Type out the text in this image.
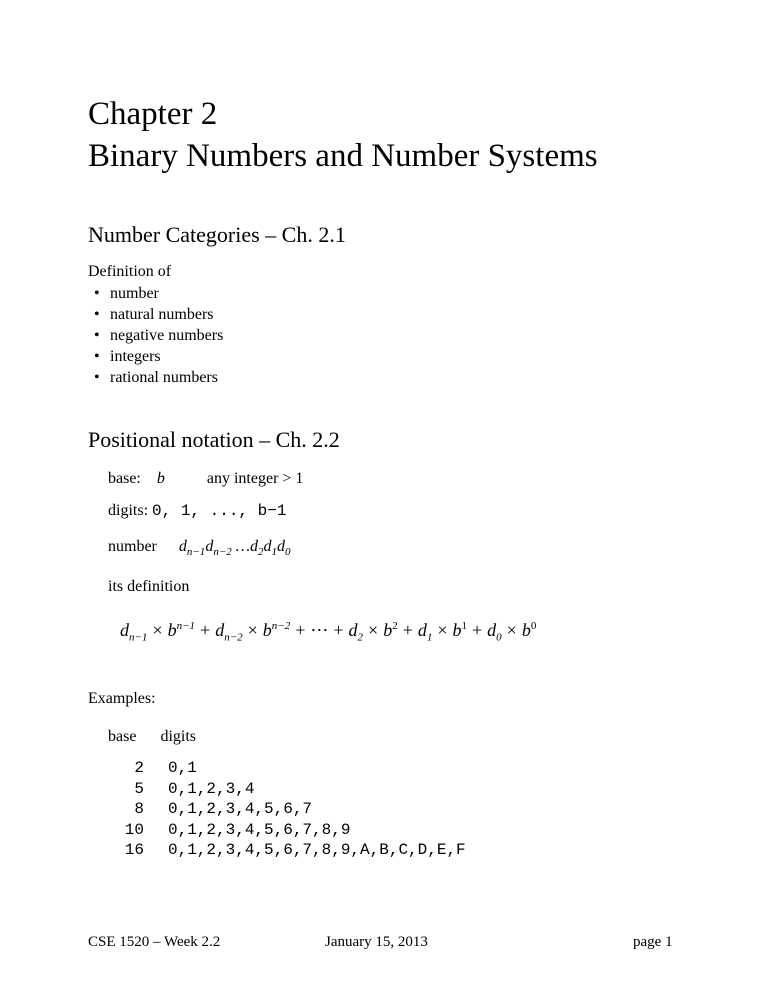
Chapter 2
Binary Numbers and Number Systems
Number Categories – Ch. 2.1
Definition of
• number
• natural numbers
• negative numbers
• integers
• rational numbers
Positional notation – Ch. 2.2
base: b	any integer > 1
digits: 0, 1, ..., b−1
number $d_{n-1}d_{n-2}$ $\dots d_2d_1d_0$
its definition
$d_{n-1} \times b^{n-1} + d_{n-2} \times b^{n-2}$ + ⋯ + $d_2 \times b^2 + d_1 \times b^1 + d_0 \times b^0$
Examples:
base		digits
2		0,1
5		0,1,2,3,4
8		0,1,2,3,4,5,6,7
10		0,1,2,3,4,5,6,7,8,9
16		0,1,2,3,4,5,6,7,8,9,A,B,C,D,E,F
CSE 1520 – Week 2.2	January 15, 2013	page 1
